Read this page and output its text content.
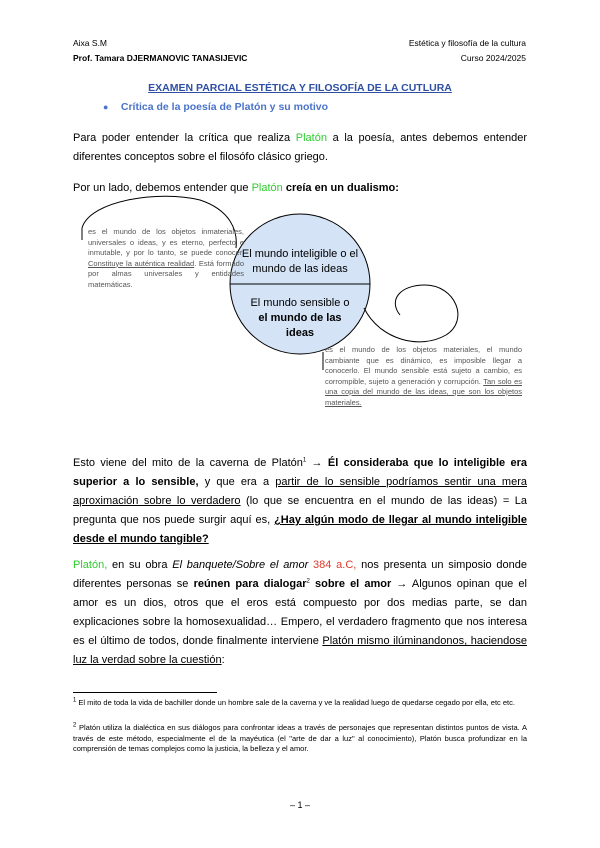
Aixa S.M
Prof. Tamara DJERMANOVIC TANASIJEVIC
Estética y filosofía de la cultura
Curso 2024/2025
EXAMEN PARCIAL ESTÉTICA Y FILOSOFÍA DE LA CUTLURA
● Crítica de la poesía de Platón y su motivo
Para poder entender la crítica que realiza Platón a la poesía, antes debemos entender diferentes conceptos sobre el filosófo clásico griego.
Por un lado, debemos entender que Platón creía en un dualismo:
es el mundo de los objetos inmateriales, universales o ideas, y es eterno, perfecto e inmutable, y por lo tanto, se puede conocer. Constituye la auténtica realidad. Está formado por almas universales y entidades matemáticas.
El mundo inteligible o el mundo de las ideas
El mundo sensible o el mundo de las ideas
es el mundo de los objetos materiales, el mundo cambiante que es dinámico, es imposible llegar a conocerlo. El mundo sensible está sujeto a cambio, es corrompible, sujeto a generación y corrupción. Tan solo es una copia del mundo de las ideas, que son los objetos materiales.
Esto viene del mito de la caverna de Platón$^1$ → Él consideraba que lo inteligible era superior a lo sensible, y que era a partir de lo sensible podríamos sentir una mera aproximación sobre lo verdadero (lo que se encuentra en el mundo de las ideas) = La pregunta que nos puede surgir aquí es, ¿Hay algún modo de llegar al mundo inteligible desde el mundo tangible?
Platón, en su obra El banquete/Sobre el amor 384 a.C, nos presenta un simposio donde diferentes personas se reúnen para dialogar$^2$ sobre el amor → Algunos opinan que el amor es un dios, otros que el eros está compuesto por dos medias parte, se dan explicaciones sobre la homosexualidad… Empero, el verdadero fragmento que nos interesa es el último de todos, donde finalmente interviene Platón mismo ilúminandonos, haciendose luz la verdad sobre la cuestión:
$^1$ El mito de toda la vida de bachiller donde un hombre sale de la caverna y ve la realidad luego de quedarse cegado por ella, etc etc.
$^2$ Platón utiliza la dialéctica en sus diálogos para confrontar ideas a través de personajes que representan distintos puntos de vista. A través de este método, especialmente el de la mayéutica (el "arte de dar a luz" al conocimiento), Platón busca profundizar en la comprensión de temas complejos como la justicia, la belleza y el amor.
– 1 –
